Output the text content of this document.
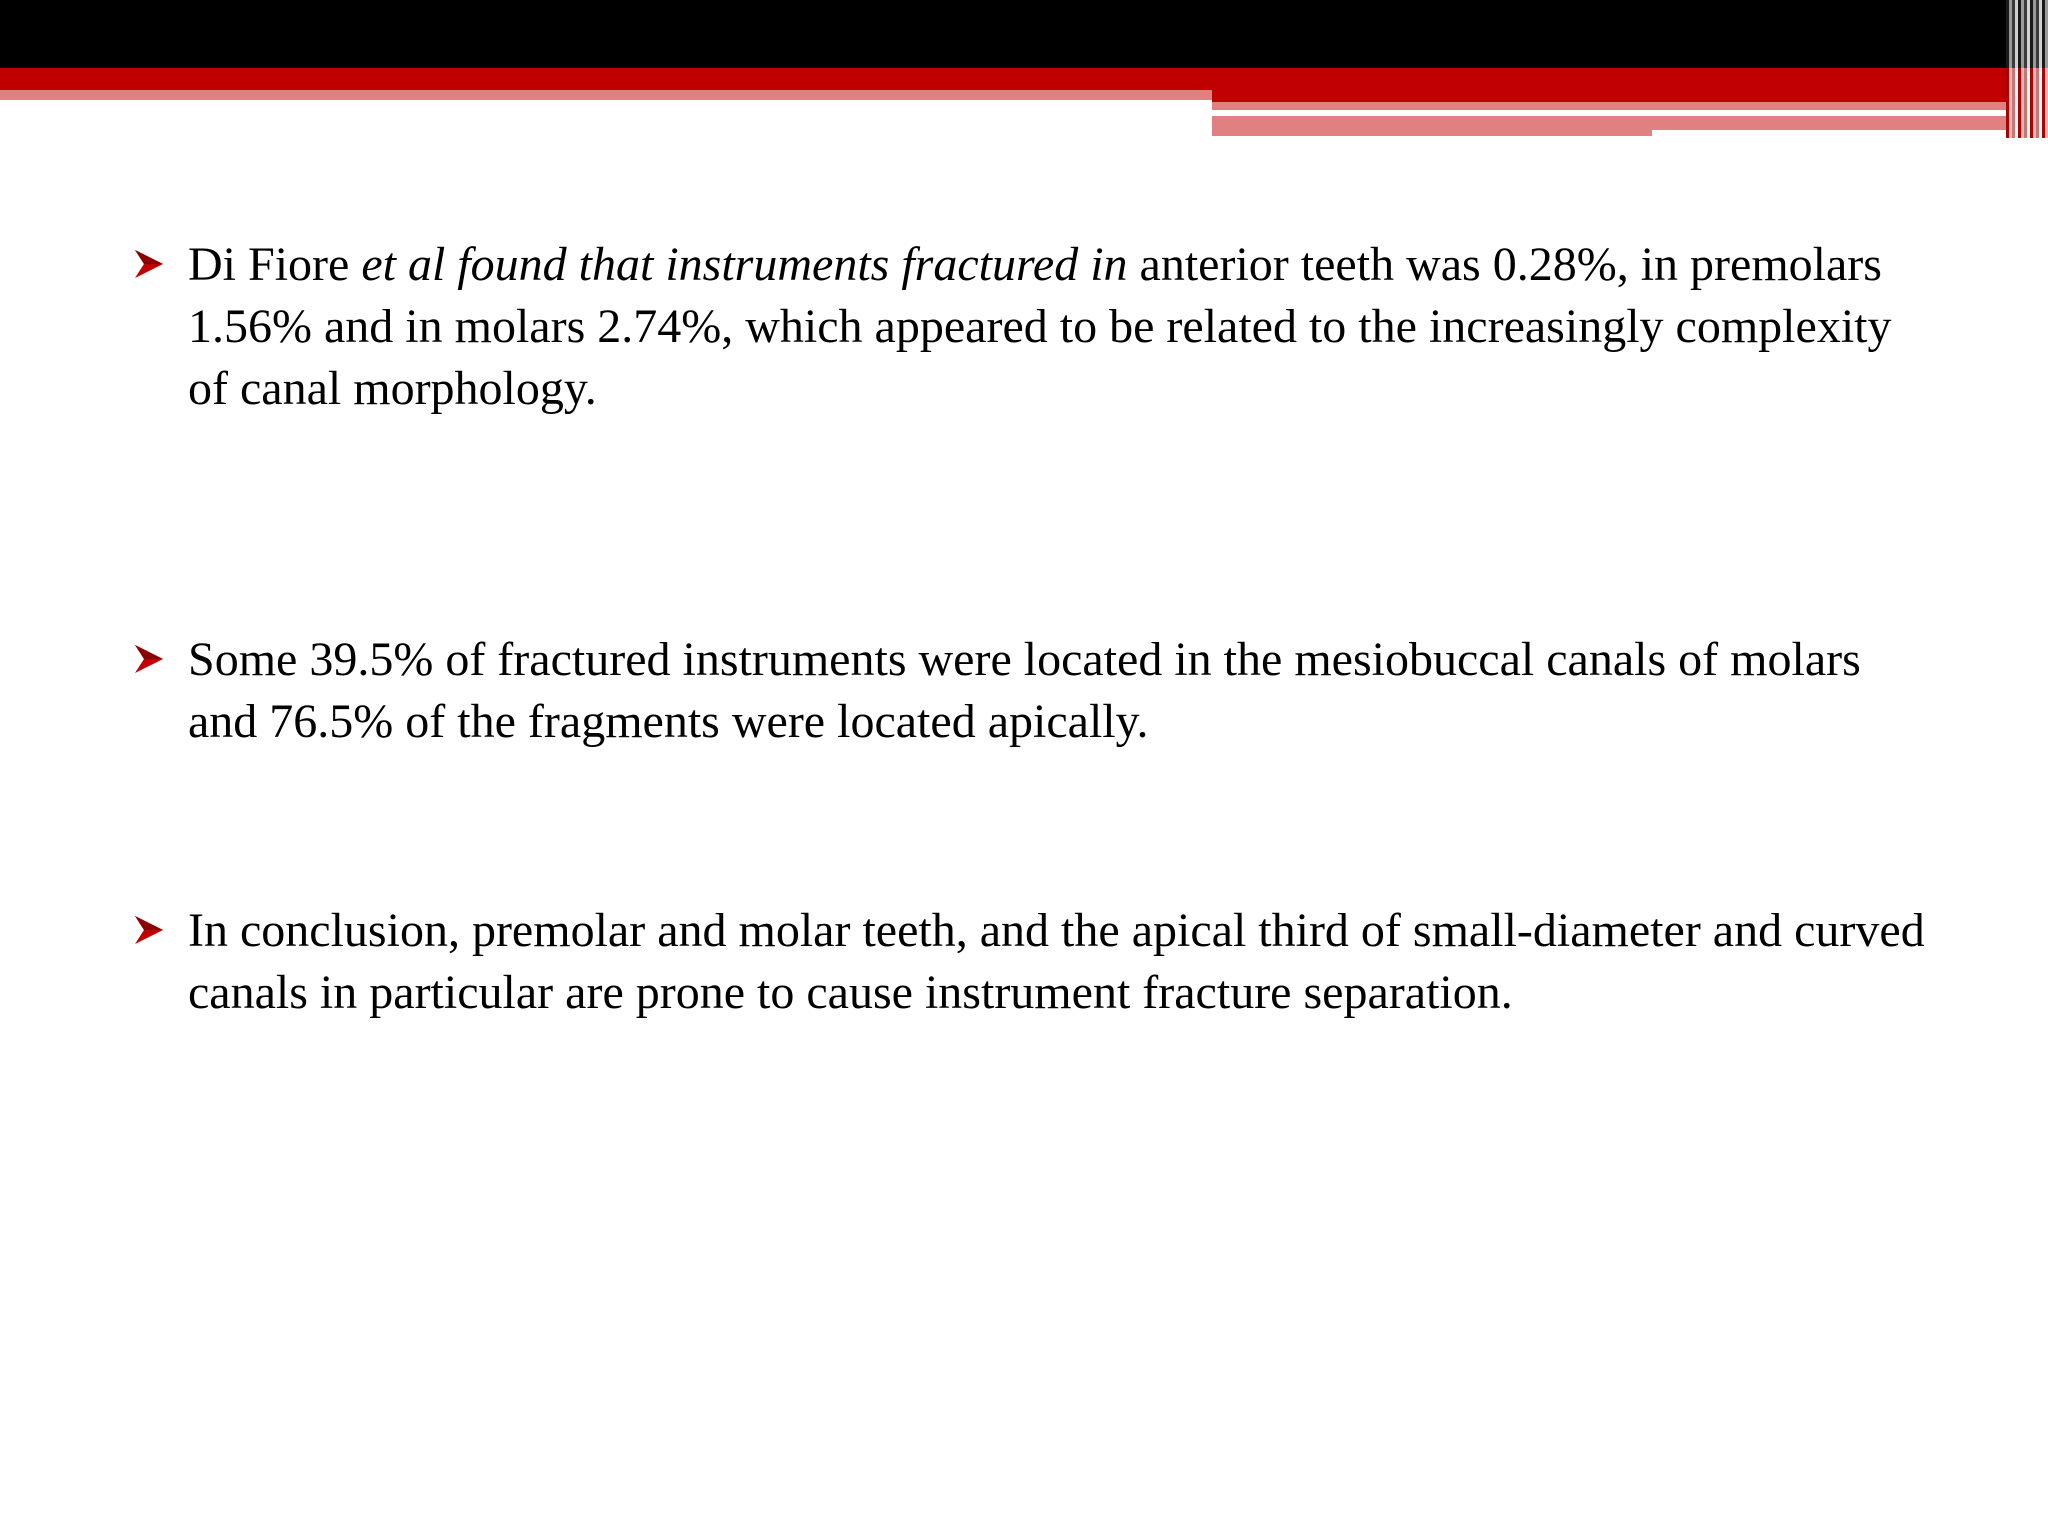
Di Fiore et al found that instruments fractured in anterior teeth was 0.28%, in premolars 1.56% and in molars 2.74%, which appeared to be related to the increasingly complexity of canal morphology.

Some 39.5% of fractured instruments were located in the mesiobuccal canals of molars and 76.5% of the fragments were located apically.

In conclusion, premolar and molar teeth, and the apical third of small-diameter and curved canals in particular are prone to cause instrument fracture separation.
